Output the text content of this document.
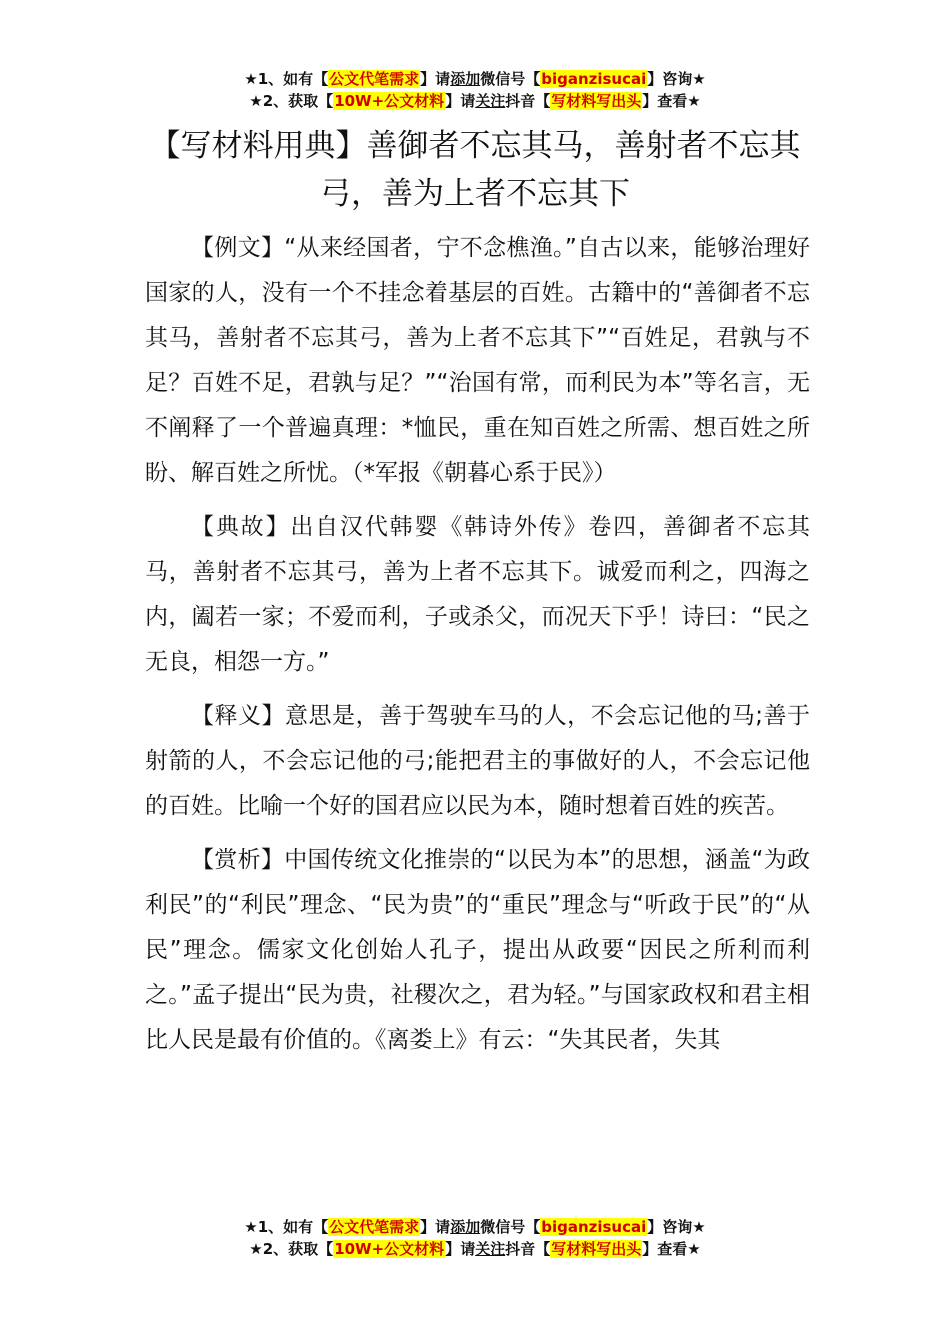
★1、如有【公文代笔需求】请添加微信号【biganzisucai】咨询★
★2、获取【10W+公文材料】请关注抖音【写材料写出头】查看★
【写材料用典】善御者不忘其马，善射者不忘其弓，善为上者不忘其下

【例文】“从来经国者，宁不念樵渔。”自古以来，能够治理好国家的人，没有一个不挂念着基层的百姓。古籍中的“善御者不忘其马，善射者不忘其弓，善为上者不忘其下”“百姓足，君孰与不足？百姓不足，君孰与足？”“治国有常，而利民为本”等名言，无不阐释了一个普遍真理：*恤民，重在知百姓之所需、想百姓之所盼、解百姓之所忧。（*军报《朝暮心系于民》）

【典故】出自汉代韩婴《韩诗外传》卷四，善御者不忘其马，善射者不忘其弓，善为上者不忘其下。诚爱而利之，四海之内，阖若一家；不爱而利，子或杀父，而况天下乎！诗曰：“民之无良，相怨一方。”

【释义】意思是，善于驾驶车马的人，不会忘记他的马;善于射箭的人，不会忘记他的弓;能把君主的事做好的人，不会忘记他的百姓。比喻一个好的国君应以民为本，随时想着百姓的疾苦。

【赏析】中国传统文化推崇的“以民为本”的思想，涵盖“为政利民”的“利民”理念、“民为贵”的“重民”理念与“听政于民”的“从民”理念。儒家文化创始人孔子，提出从政要“因民之所利而利之。”孟子提出“民为贵，社稷次之，君为轻。”与国家政权和君主相比人民是最有价值的。《离娄上》有云：“失其民者，失其

★1、如有【公文代笔需求】请添加微信号【biganzisucai】咨询★
★2、获取【10W+公文材料】请关注抖音【写材料写出头】查看★
